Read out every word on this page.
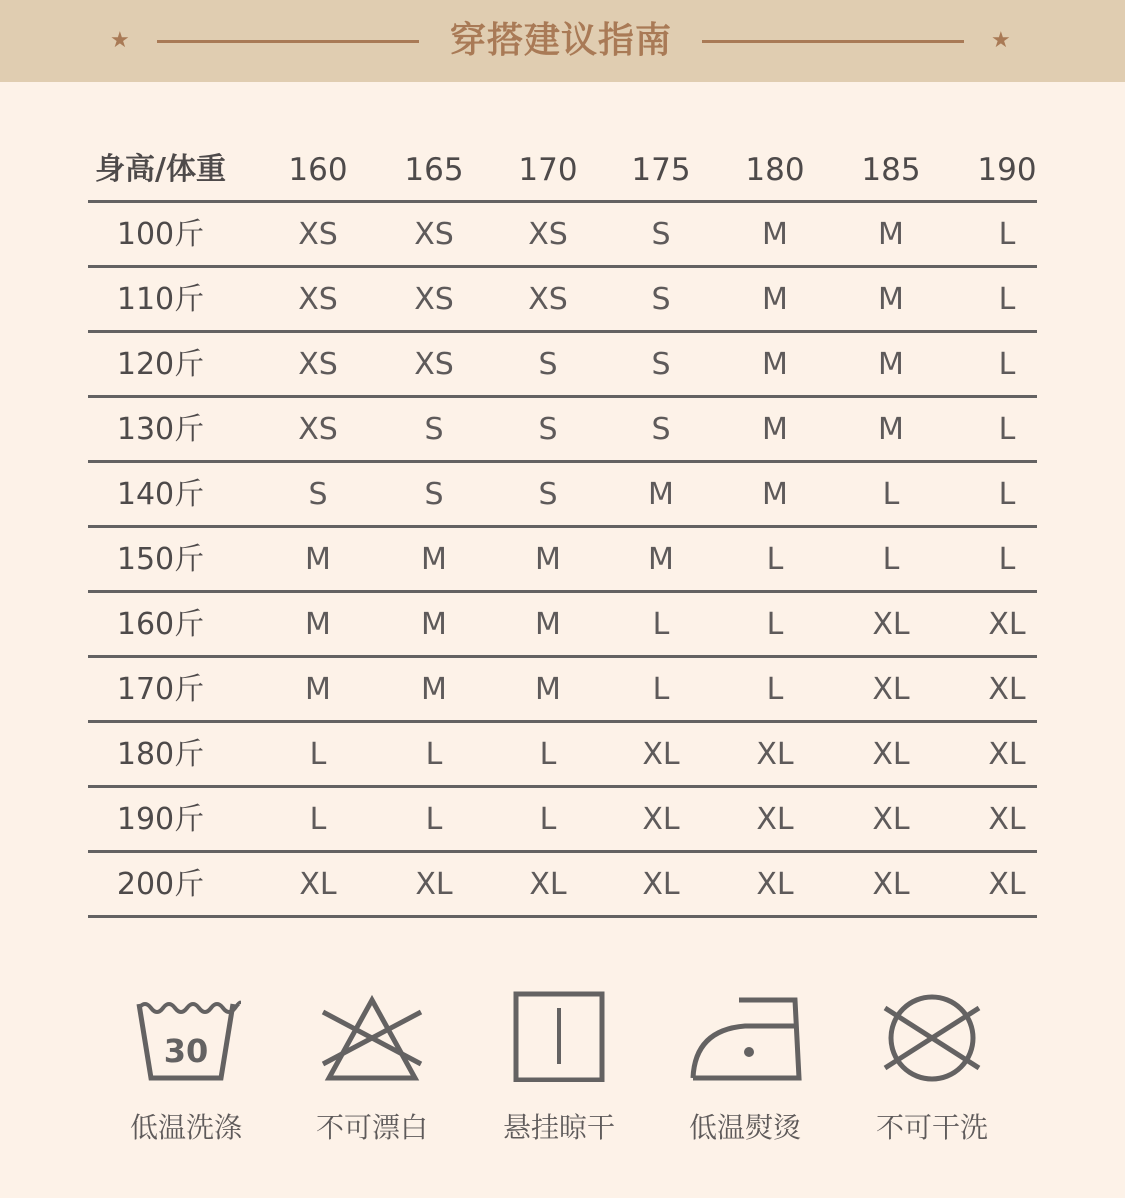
★	穿搭建议指南	★
身高/体重	160	165	170	175	180	185	190
100斤	XS	XS	XS	S	M	M	L
110斤	XS	XS	XS	S	M	M	L
120斤	XS	XS	S	S	M	M	L
130斤	XS	S	S	S	M	M	L
140斤	S	S	S	M	M	L	L
150斤	M	M	M	M	L	L	L
160斤	M	M	M	L	L	XL	XL
170斤	M	M	M	L	L	XL	XL
180斤	L	L	L	XL	XL	XL	XL
190斤	L	L	L	XL	XL	XL	XL
200斤	XL	XL	XL	XL	XL	XL	XL
30
低温洗涤	不可漂白	悬挂晾干	低温熨烫	不可干洗
